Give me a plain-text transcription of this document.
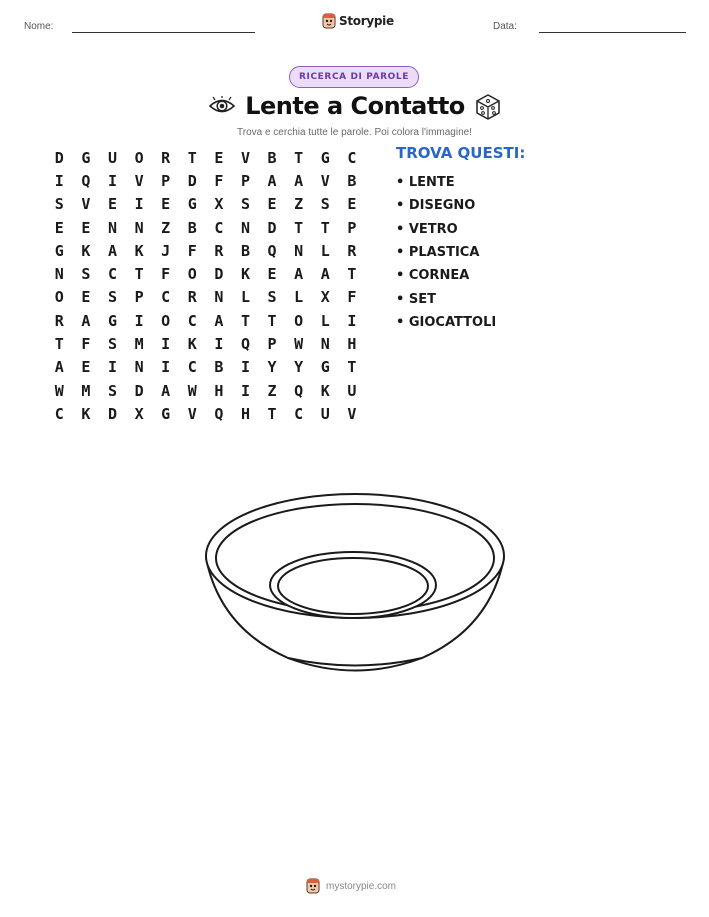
Nome:	Storypie	Data:
RICERCA DI PAROLE
Lente a Contatto
Trova e cerchia tutte le parole. Poi colora l'immagine!
D	G	U	O	R	T	E	V	B	T	G	C
I	Q	I	V	P	D	F	P	A	A	V	B
S	V	E	I	E	G	X	S	E	Z	S	E
E	E	N	N	Z	B	C	N	D	T	T	P
G	K	A	K	J	F	R	B	Q	N	L	R
N	S	C	T	F	O	D	K	E	A	A	T
O	E	S	P	C	R	N	L	S	L	X	F
R	A	G	I	O	C	A	T	T	O	L	I
T	F	S	M	I	K	I	Q	P	W	N	H
A	E	I	N	I	C	B	I	Y	Y	G	T
W	M	S	D	A	W	H	I	Z	Q	K	U
C	K	D	X	G	V	Q	H	T	C	U	V
TROVA QUESTI:
• LENTE
• DISEGNO
• VETRO
• PLASTICA
• CORNEA
• SET
• GIOCATTOLI
mystorypie.com
